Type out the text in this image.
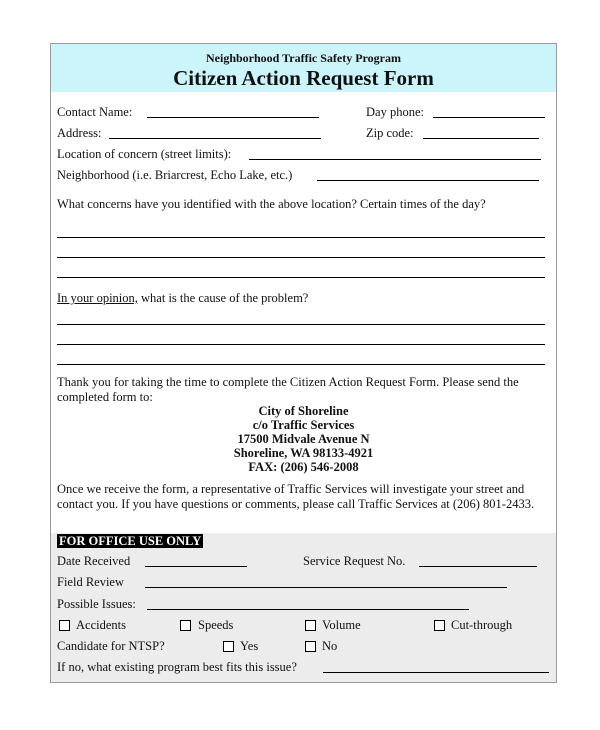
Neighborhood Traffic Safety Program
Citizen Action Request Form
Contact Name:	Day phone:
Address:	Zip code:
Location of concern (street limits):
Neighborhood (i.e. Briarcrest, Echo Lake, etc.)
What concerns have you identified with the above location? Certain times of the day?
In your opinion, what is the cause of the problem?
Thank you for taking the time to complete the Citizen Action Request Form. Please send the completed form to:
City of Shoreline
c/o Traffic Services
17500 Midvale Avenue N
Shoreline, WA 98133-4921
FAX: (206) 546-2008
Once we receive the form, a representative of Traffic Services will investigate your street and contact you. If you have questions or comments, please call Traffic Services at (206) 801-2433.
FOR OFFICE USE ONLY
Date Received	Service Request No.
Field Review
Possible Issues:
Accidents	Speeds	Volume	Cut-through
Candidate for NTSP?	Yes	No
If no, what existing program best fits this issue?
